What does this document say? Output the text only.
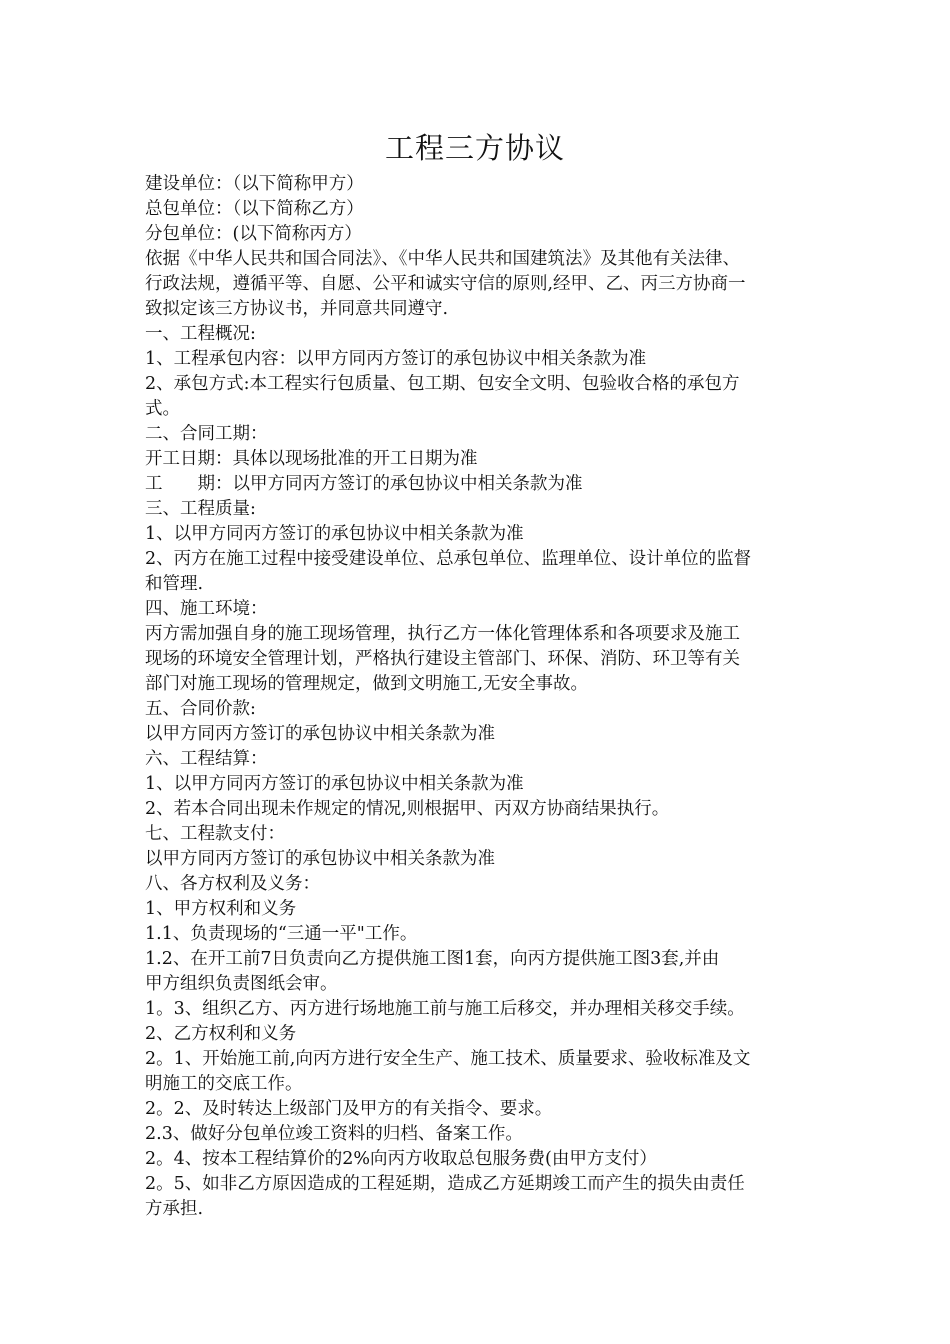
工程三方协议
建设单位：（以下简称甲方）
总包单位：（以下简称乙方）
分包单位：(以下简称丙方）
依据《中华人民共和国合同法》、《中华人民共和国建筑法》及其他有关法律、
行政法规，遵循平等、自愿、公平和诚实守信的原则,经甲、乙、丙三方协商一
致拟定该三方协议书，并同意共同遵守.
一、工程概况:
1、工程承包内容：以甲方同丙方签订的承包协议中相关条款为准
2、承包方式:本工程实行包质量、包工期、包安全文明、包验收合格的承包方
式。
二、合同工期：
开工日期：具体以现场批准的开工日期为准
工　　期：以甲方同丙方签订的承包协议中相关条款为准
三、工程质量:
1、以甲方同丙方签订的承包协议中相关条款为准
2、丙方在施工过程中接受建设单位、总承包单位、监理单位、设计单位的监督
和管理.
四、施工环境：
丙方需加强自身的施工现场管理，执行乙方一体化管理体系和各项要求及施工
现场的环境安全管理计划，严格执行建设主管部门、环保、消防、环卫等有关
部门对施工现场的管理规定，做到文明施工,无安全事故。
五、合同价款:
以甲方同丙方签订的承包协议中相关条款为准
六、工程结算：
1、以甲方同丙方签订的承包协议中相关条款为准
2、若本合同出现未作规定的情况,则根据甲、丙双方协商结果执行。
七、工程款支付：
以甲方同丙方签订的承包协议中相关条款为准
八、各方权利及义务：
1、甲方权利和义务
1.1、负责现场的“三通一平"工作。
1.2、在开工前7日负责向乙方提供施工图1套，向丙方提供施工图3套,并由
甲方组织负责图纸会审。
1。3、组织乙方、丙方进行场地施工前与施工后移交，并办理相关移交手续。
2、乙方权利和义务
2。1、开始施工前,向丙方进行安全生产、施工技术、质量要求、验收标准及文
明施工的交底工作。
2。2、及时转达上级部门及甲方的有关指令、要求。
2.3、做好分包单位竣工资料的归档、备案工作。
2。4、按本工程结算价的2%向丙方收取总包服务费(由甲方支付）
2。5、如非乙方原因造成的工程延期，造成乙方延期竣工而产生的损失由责任
方承担.
